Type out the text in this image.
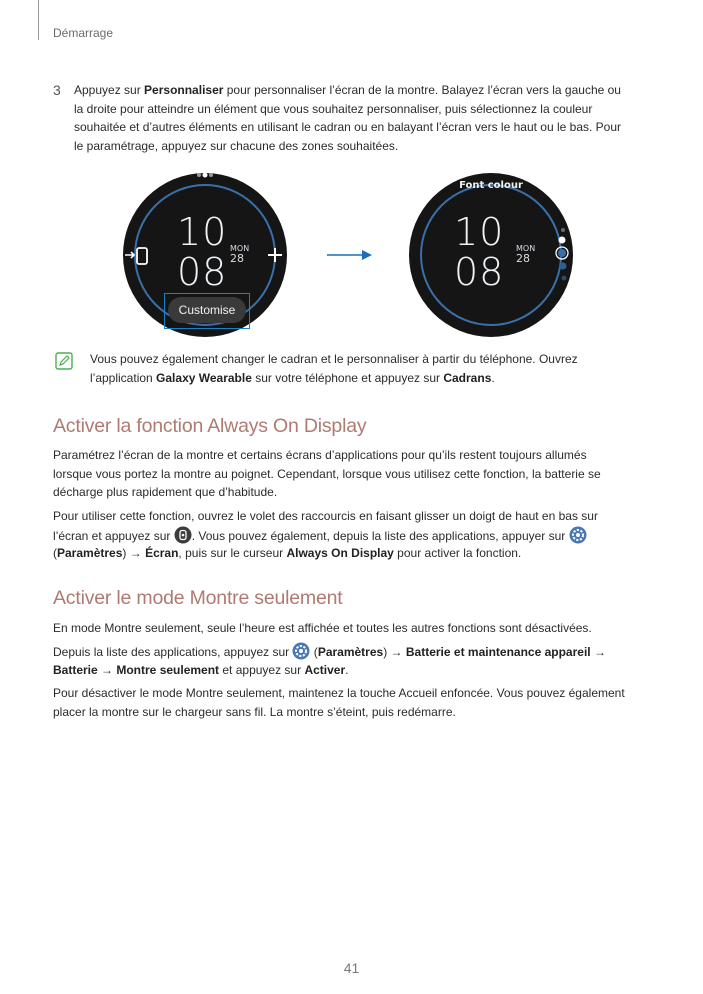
Démarrage
3 Appuyez sur Personnaliser pour personnaliser l’écran de la montre. Balayez l’écran vers la gauche ou
la droite pour atteindre un élément que vous souhaitez personnaliser, puis sélectionnez la couleur
souhaitée et d’autres éléments en utilisant le cadran ou en balayant l’écran vers le haut ou le bas. Pour
le paramétrage, appuyez sur chacune des zones souhaitées.
10
08
MON
28
Customise
Font colour
10
08
MON
28
Vous pouvez également changer le cadran et le personnaliser à partir du téléphone. Ouvrez
l’application Galaxy Wearable sur votre téléphone et appuyez sur Cadrans.
Activer la fonction Always On Display
Paramétrez l’écran de la montre et certains écrans d’applications pour qu’ils restent toujours allumés
lorsque vous portez la montre au poignet. Cependant, lorsque vous utilisez cette fonction, la batterie se
décharge plus rapidement que d’habitude.
Pour utiliser cette fonction, ouvrez le volet des raccourcis en faisant glisser un doigt de haut en bas sur
l’écran et appuyez sur . Vous pouvez également, depuis la liste des applications, appuyer sur
(Paramètres) → Écran, puis sur le curseur Always On Display pour activer la fonction.
Activer le mode Montre seulement
En mode Montre seulement, seule l’heure est affichée et toutes les autres fonctions sont désactivées.
Depuis la liste des applications, appuyez sur  (Paramètres) → Batterie et maintenance appareil →
Batterie → Montre seulement et appuyez sur Activer.
Pour désactiver le mode Montre seulement, maintenez la touche Accueil enfoncée. Vous pouvez également
placer la montre sur le chargeur sans fil. La montre s’éteint, puis redémarre.
41
